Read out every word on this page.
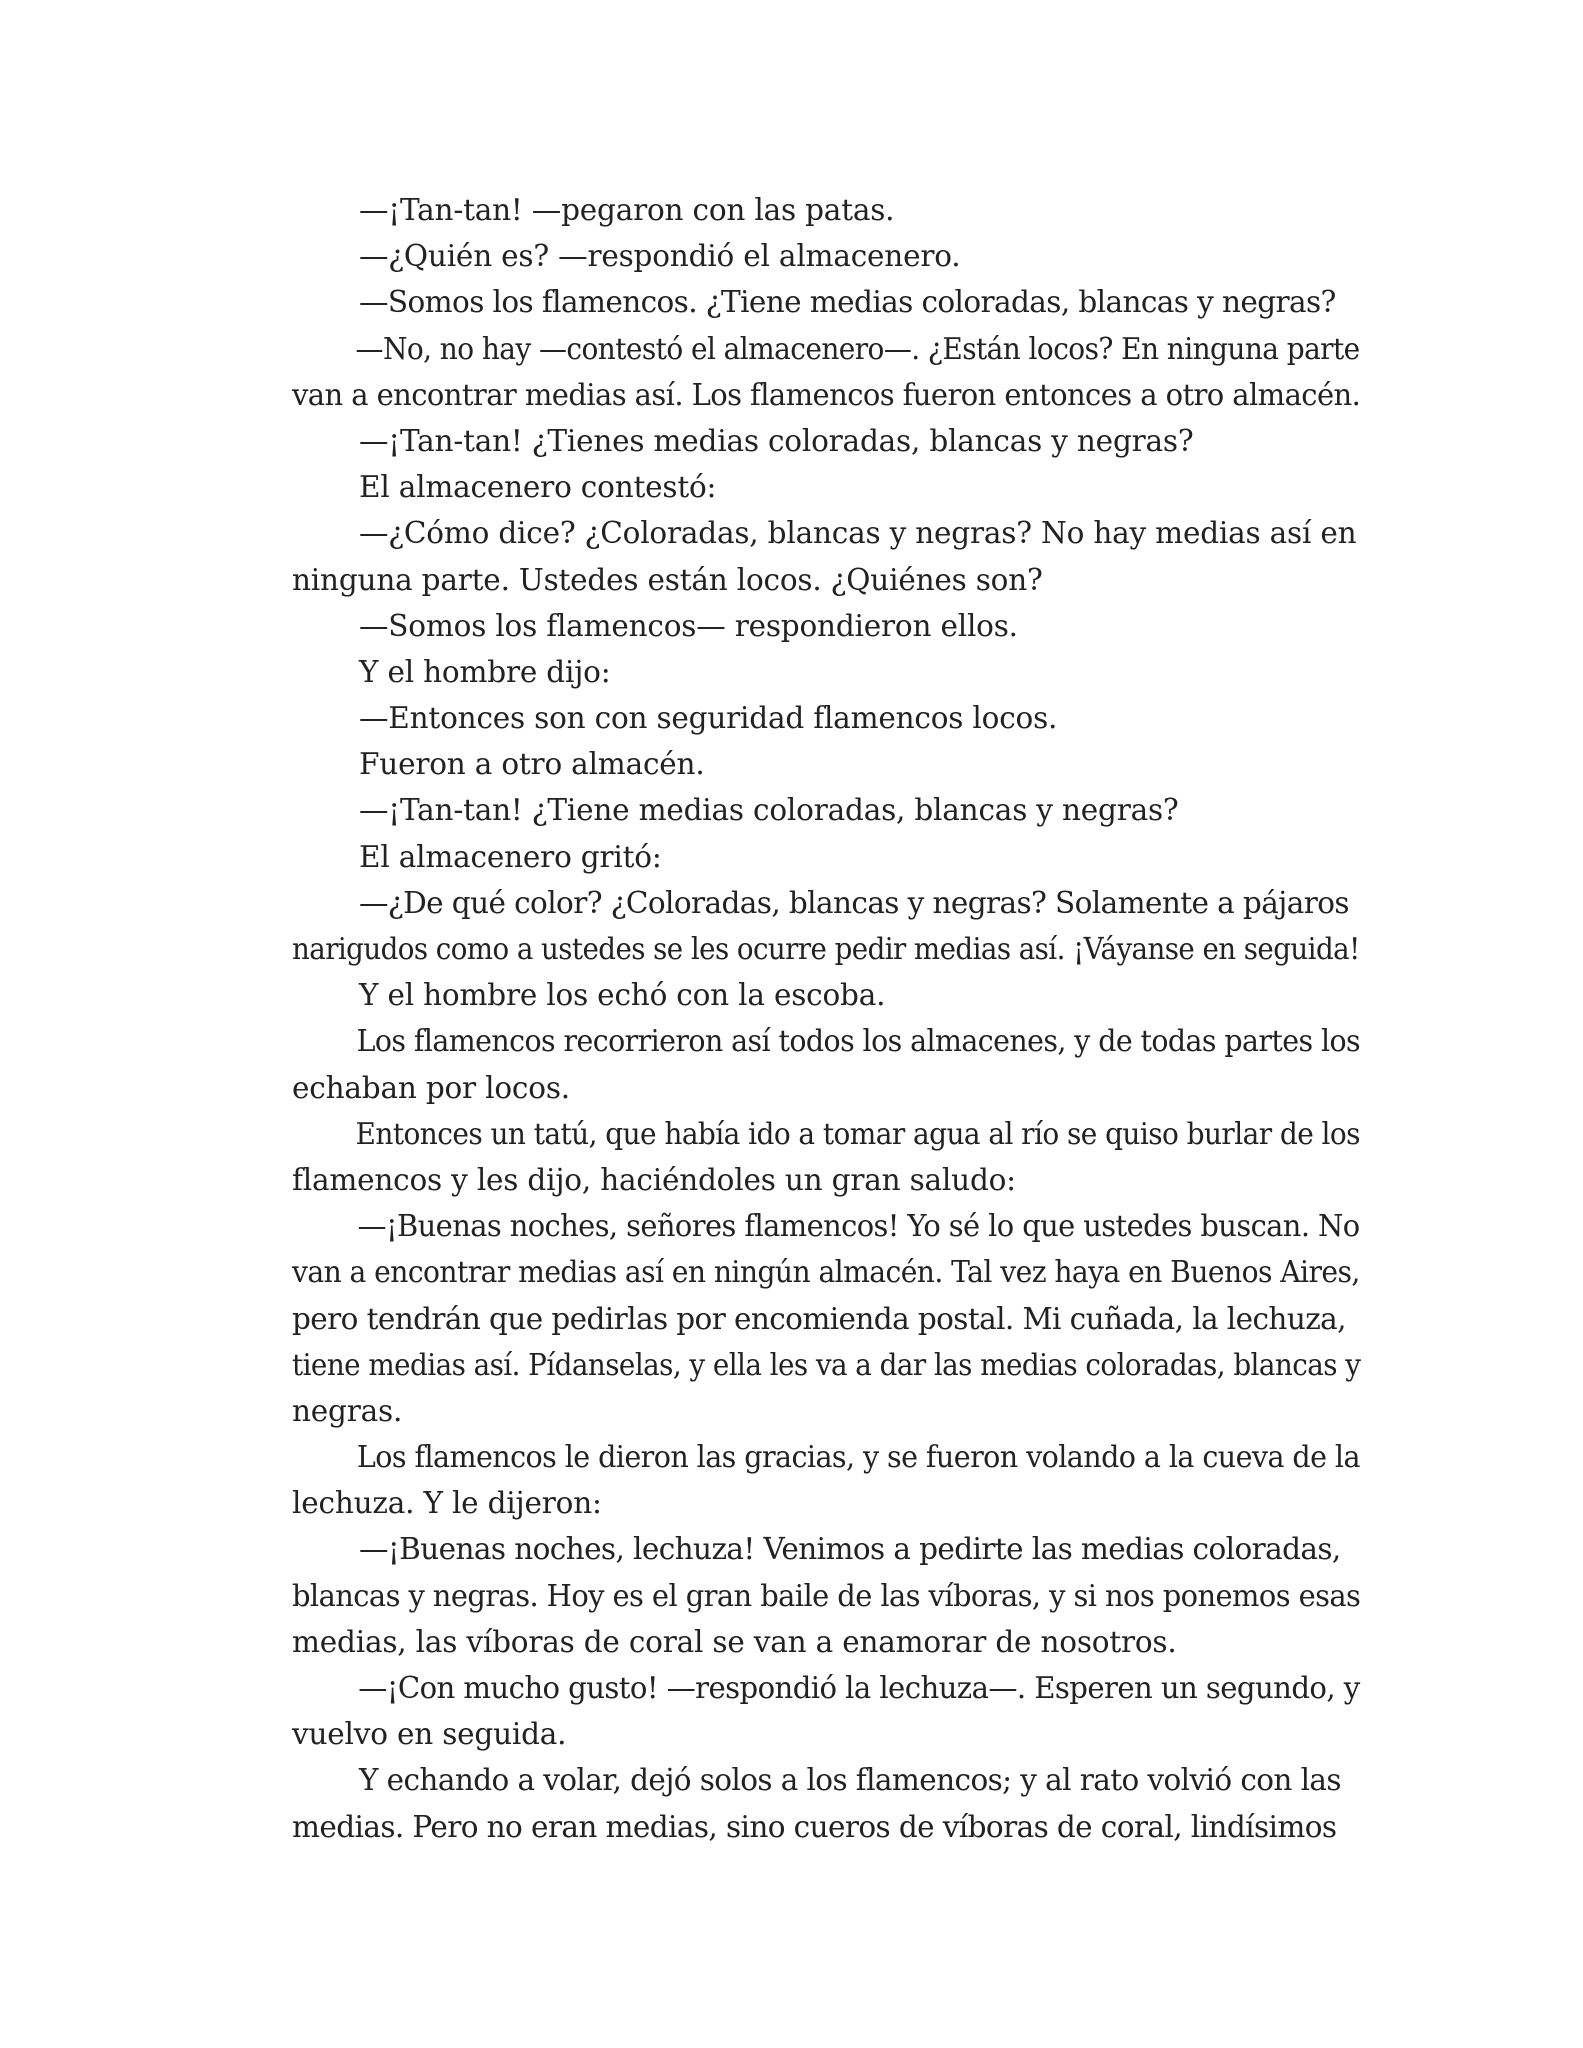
—¡Tan-tan! —pegaron con las patas.
—¿Quién es? —respondió el almacenero.
—Somos los flamencos. ¿Tiene medias coloradas, blancas y negras?
—No, no hay —contestó el almacenero—. ¿Están locos? En ninguna parte
van a encontrar medias así. Los flamencos fueron entonces a otro almacén.
—¡Tan-tan! ¿Tienes medias coloradas, blancas y negras?
El almacenero contestó:
—¿Cómo dice? ¿Coloradas, blancas y negras? No hay medias así en
ninguna parte. Ustedes están locos. ¿Quiénes son?
—Somos los flamencos— respondieron ellos.
Y el hombre dijo:
—Entonces son con seguridad flamencos locos.
Fueron a otro almacén.
—¡Tan-tan! ¿Tiene medias coloradas, blancas y negras?
El almacenero gritó:
—¿De qué color? ¿Coloradas, blancas y negras? Solamente a pájaros
narigudos como a ustedes se les ocurre pedir medias así. ¡Váyanse en seguida!
Y el hombre los echó con la escoba.
Los flamencos recorrieron así todos los almacenes, y de todas partes los
echaban por locos.
Entonces un tatú, que había ido a tomar agua al río se quiso burlar de los
flamencos y les dijo, haciéndoles un gran saludo:
—¡Buenas noches, señores flamencos! Yo sé lo que ustedes buscan. No
van a encontrar medias así en ningún almacén. Tal vez haya en Buenos Aires,
pero tendrán que pedirlas por encomienda postal. Mi cuñada, la lechuza,
tiene medias así. Pídanselas, y ella les va a dar las medias coloradas, blancas y
negras.
Los flamencos le dieron las gracias, y se fueron volando a la cueva de la
lechuza. Y le dijeron:
—¡Buenas noches, lechuza! Venimos a pedirte las medias coloradas,
blancas y negras. Hoy es el gran baile de las víboras, y si nos ponemos esas
medias, las víboras de coral se van a enamorar de nosotros.
—¡Con mucho gusto! —respondió la lechuza—. Esperen un segundo, y
vuelvo en seguida.
Y echando a volar, dejó solos a los flamencos; y al rato volvió con las
medias. Pero no eran medias, sino cueros de víboras de coral, lindísimos
